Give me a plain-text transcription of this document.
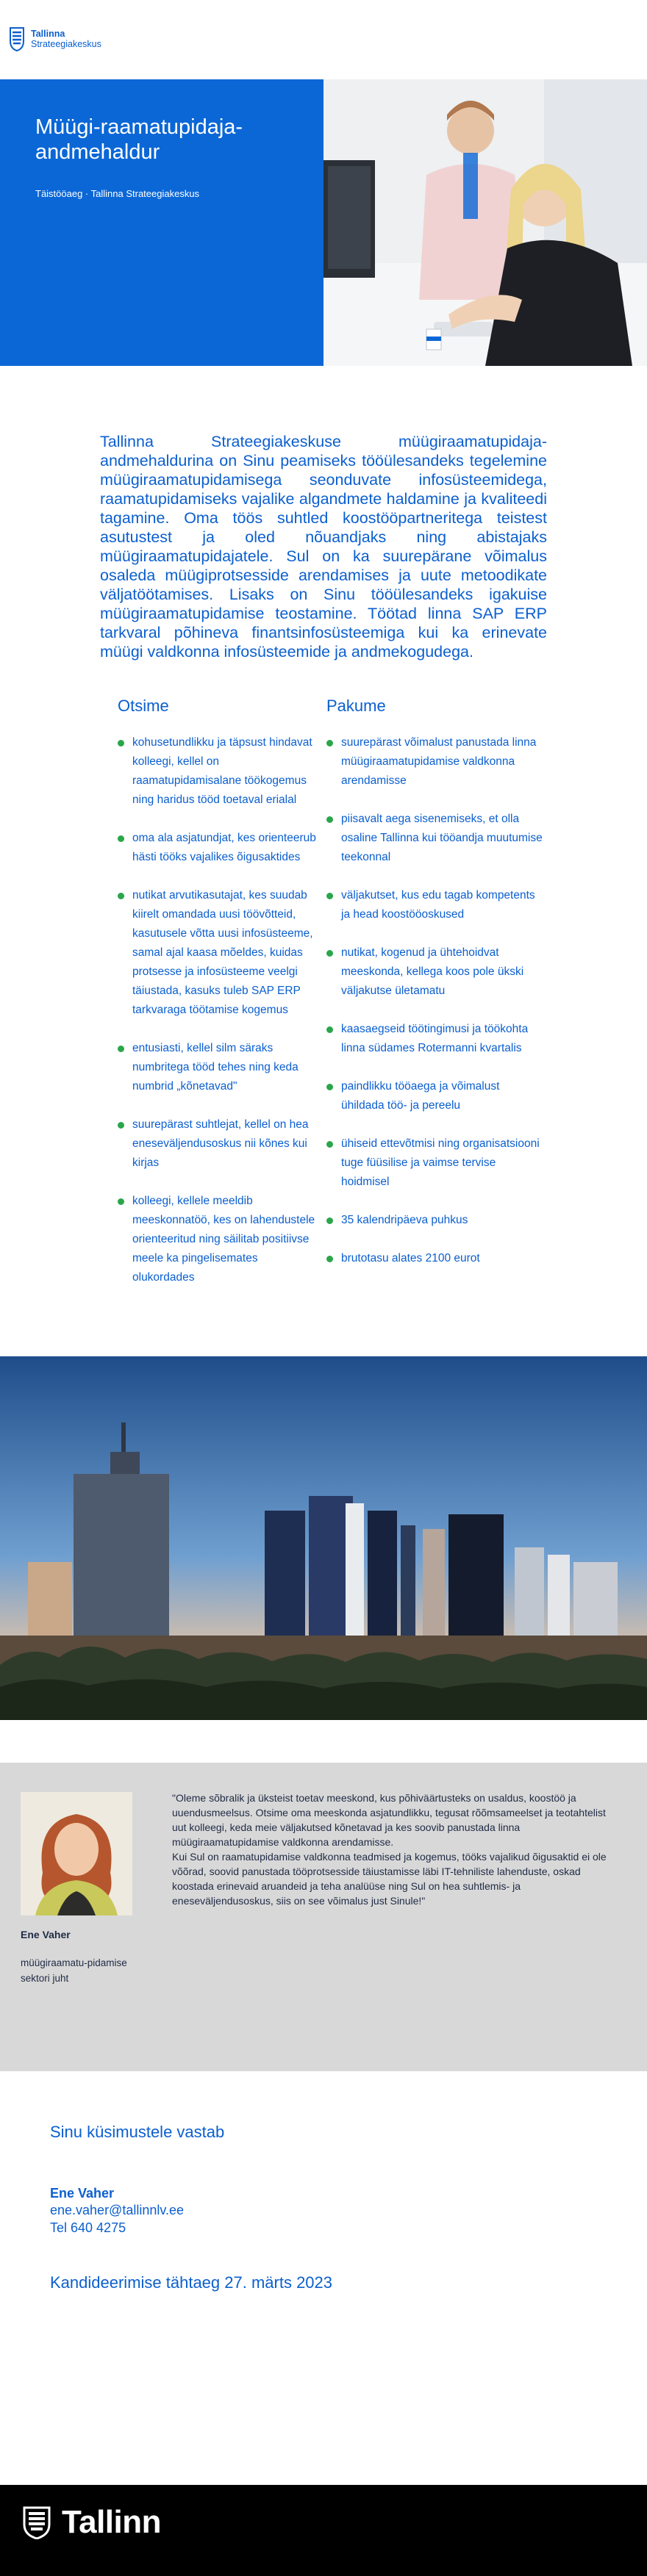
Tallinna
Strateegiakeskus
Müügi-raamatupidaja-andmehaldur
Täistööaeg · Tallinna Strateegiakeskus

Tallinna Strateegiakeskuse müügiraamatupidaja-andmehaldurina on Sinu peamiseks tööülesandeks tegelemine müügiraamatupidamisega seonduvate infosüsteemidega, raamatupidamiseks vajalike algandmete haldamine ja kvaliteedi tagamine. Oma töös suhtled koostööpartneritega teistest asutustest ja oled nõuandjaks ning abistajaks müügiraamatupidajatele. Sul on ka suurepärane võimalus osaleda müügiprotsesside arendamises ja uute metoodikate väljatöötamises. Lisaks on Sinu tööülesandeks igakuise müügiraamatupidamise teostamine. Töötad linna SAP ERP tarkvaral põhineva finantsinfosüsteemiga kui ka erinevate müügi valdkonna infosüsteemide ja andmekogudega.

Otsime
kohusetundlikku ja täpsust hindavat kolleegi, kellel on raamatupidamisalane töökogemus ning haridus tööd toetaval erialal
oma ala asjatundjat, kes orienteerub hästi tööks vajalikes õigusaktides
nutikat arvutikasutajat, kes suudab kiirelt omandada uusi töövõtteid, kasutusele võtta uusi infosüsteeme, samal ajal kaasa mõeldes, kuidas protsesse ja infosüsteeme veelgi täiustada, kasuks tuleb SAP ERP tarkvaraga töötamise kogemus
entusiasti, kellel silm säraks numbritega tööd tehes ning keda numbrid „kõnetavad"
suurepärast suhtlejat, kellel on hea eneseväljendusoskus nii kõnes kui kirjas
kolleegi, kellele meeldib meeskonnatöö, kes on lahendustele orienteeritud ning säilitab positiivse meele ka pingelisemates olukordades
Pakume
suurepärast võimalust panustada linna müügiraamatupidamise valdkonna arendamisse
piisavalt aega sisenemiseks, et olla osaline Tallinna kui tööandja muutumise teekonnal
väljakutset, kus edu tagab kompetents ja head koostööoskused
nutikat, kogenud ja ühtehoidvat meeskonda, kellega koos pole ükski väljakutse ületamatu
kaasaegseid töötingimusi ja töökohta linna südames Rotermanni kvartalis
paindlikku tööaega ja võimalust ühildada töö- ja pereelu
ühiseid ettevõtmisi ning organisatsiooni tuge füüsilise ja vaimse tervise hoidmisel
35 kalendripäeva puhkus
brutotasu alates 2100 eurot
Ene Vaher
müügiraamatu-pidamise sektori juht
"Oleme sõbralik ja üksteist toetav meeskond, kus põhiväärtusteks on usaldus, koostöö ja uuendusmeelsus. Otsime oma meeskonda asjatundlikku, tegusat rõõmsameelset ja teotahtelist uut kolleegi, keda meie väljakutsed kõnetavad ja kes soovib panustada linna müügiraamatupidamise valdkonna arendamisse.
Kui Sul on raamatupidamise valdkonna teadmised ja kogemus, tööks vajalikud õigusaktid ei ole võõrad, soovid panustada tööprotsesside täiustamisse läbi IT-tehniliste lahenduste, oskad koostada erinevaid aruandeid ja teha analüüse ning Sul on hea suhtlemis- ja eneseväljendusoskus, siis on see võimalus just Sinule!"
Sinu küsimustele vastab
Ene Vaher
ene.vaher@tallinnlv.ee
Tel 640 4275
Kandideerimise tähtaeg 27. märts 2023
Tallinn
